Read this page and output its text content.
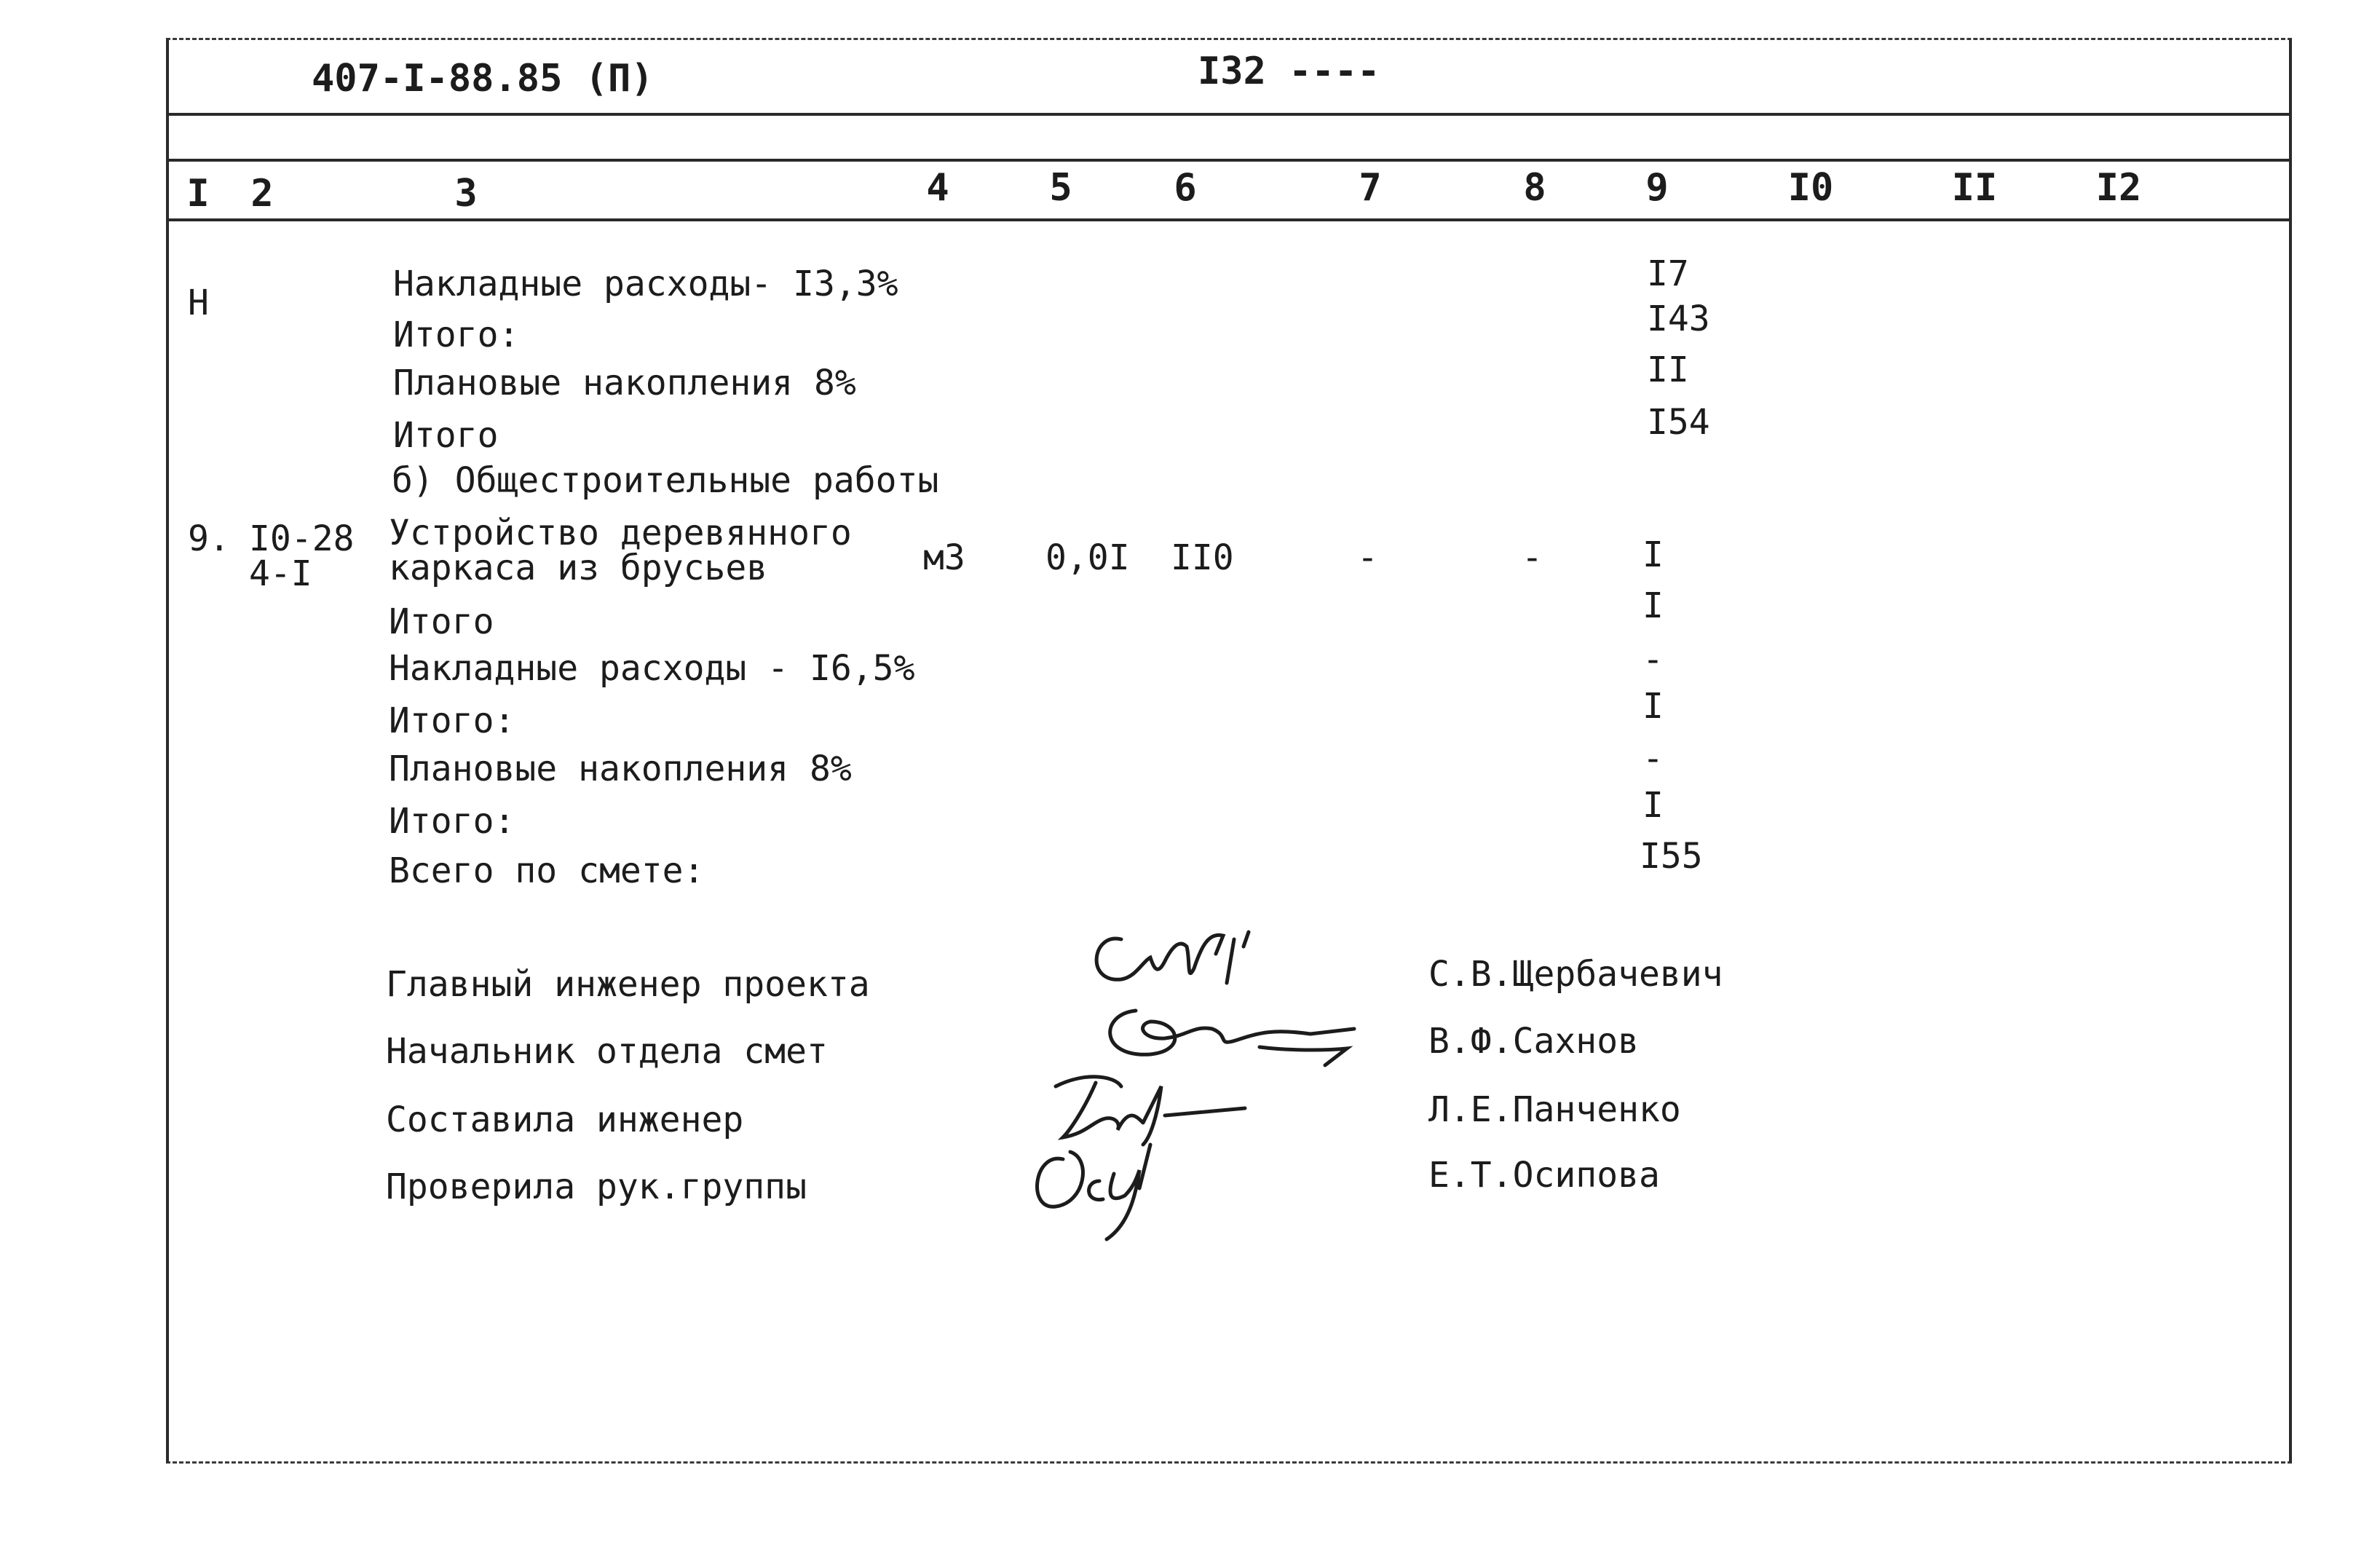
407-I-88.85 (П)	I32 ----
I 2	3	4	5	6	7	8	9	I0	II	I2
Н	Накладные расходы- I3,3%	I7
Итого:	I43
Плановые накопления 8%	II
Итого	I54
б) Общестроительные работы
9. I0-28
4-I
Устройство деревянного
каркаса из брусьев	м3 0,0I II0	-	-	I
Итого	I
Накладные расходы - I6,5%	-
Итого:	I
Плановые накопления 8%	-
Итого:	I
Всего по смете:	I55
Главный инженер проекта	С.В.Щербачевич
Начальник отдела смет	В.Ф.Сахнов
Составила инженер	Л.Е.Панченко
Проверила рук.группы	Е.Т.Осипова
